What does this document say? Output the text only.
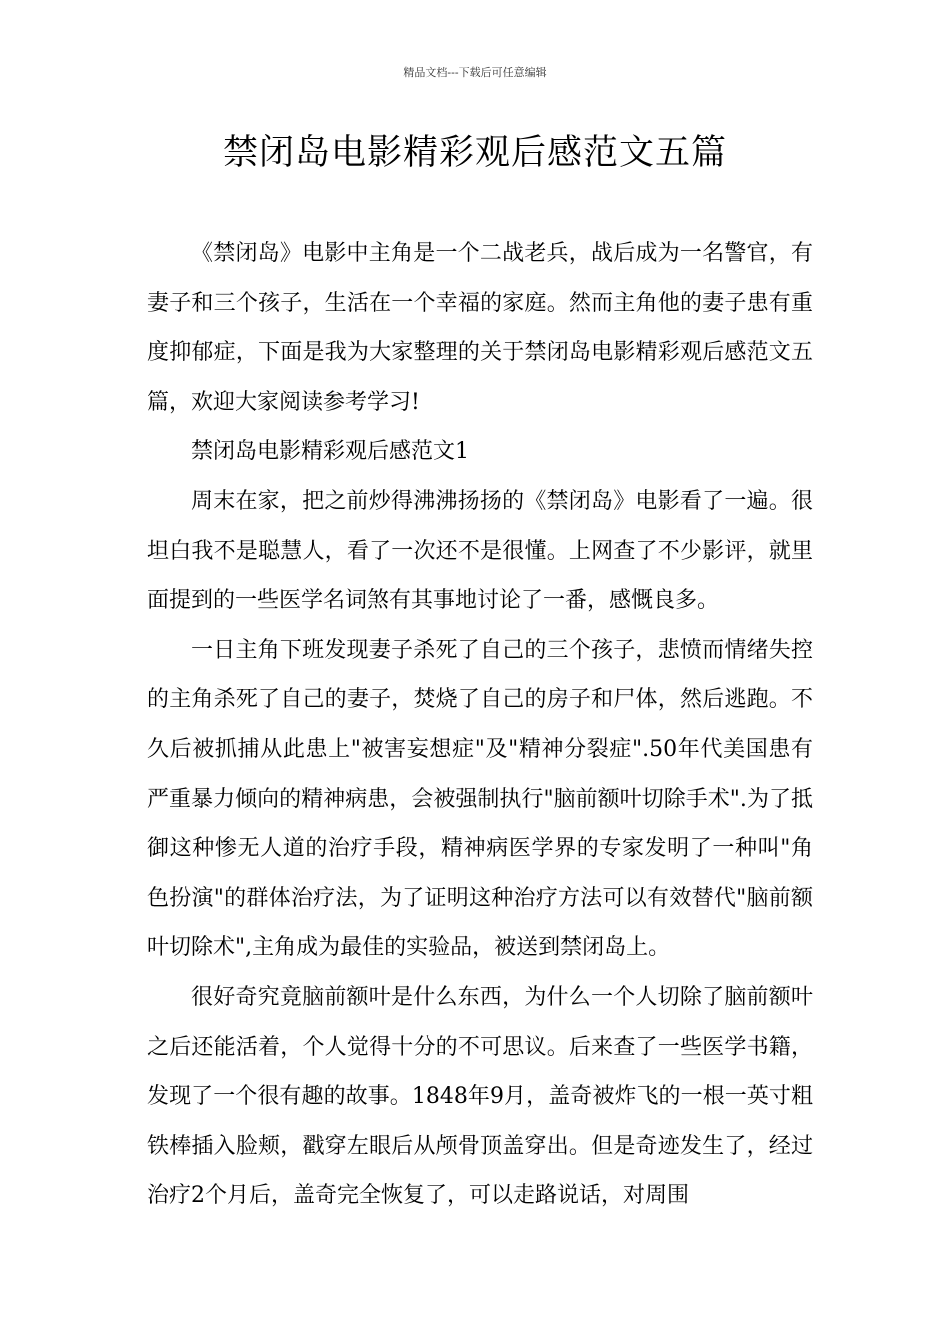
精品文档---下载后可任意编辑
禁闭岛电影精彩观后感范文五篇

《禁闭岛》电影中主角是一个二战老兵，战后成为一名警官，有妻子和三个孩子，生活在一个幸福的家庭。然而主角他的妻子患有重度抑郁症，下面是我为大家整理的关于禁闭岛电影精彩观后感范文五篇，欢迎大家阅读参考学习!

禁闭岛电影精彩观后感范文1

周末在家，把之前炒得沸沸扬扬的《禁闭岛》电影看了一遍。很坦白我不是聪慧人，看了一次还不是很懂。上网查了不少影评，就里面提到的一些医学名词煞有其事地讨论了一番，感慨良多。

一日主角下班发现妻子杀死了自己的三个孩子，悲愤而情绪失控的主角杀死了自己的妻子，焚烧了自己的房子和尸体，然后逃跑。不久后被抓捕从此患上"被害妄想症"及"精神分裂症".50年代美国患有严重暴力倾向的精神病患，会被强制执行"脑前额叶切除手术".为了抵御这种惨无人道的治疗手段，精神病医学界的专家发明了一种叫"角色扮演"的群体治疗法，为了证明这种治疗方法可以有效替代"脑前额叶切除术",主角成为最佳的实验品，被送到禁闭岛上。

很好奇究竟脑前额叶是什么东西，为什么一个人切除了脑前额叶之后还能活着，个人觉得十分的不可思议。后来查了一些医学书籍，发现了一个很有趣的故事。1848年9月，盖奇被炸飞的一根一英寸粗铁棒插入脸颊，戳穿左眼后从颅骨顶盖穿出。但是奇迹发生了，经过治疗2个月后，盖奇完全恢复了，可以走路说话，对周围
